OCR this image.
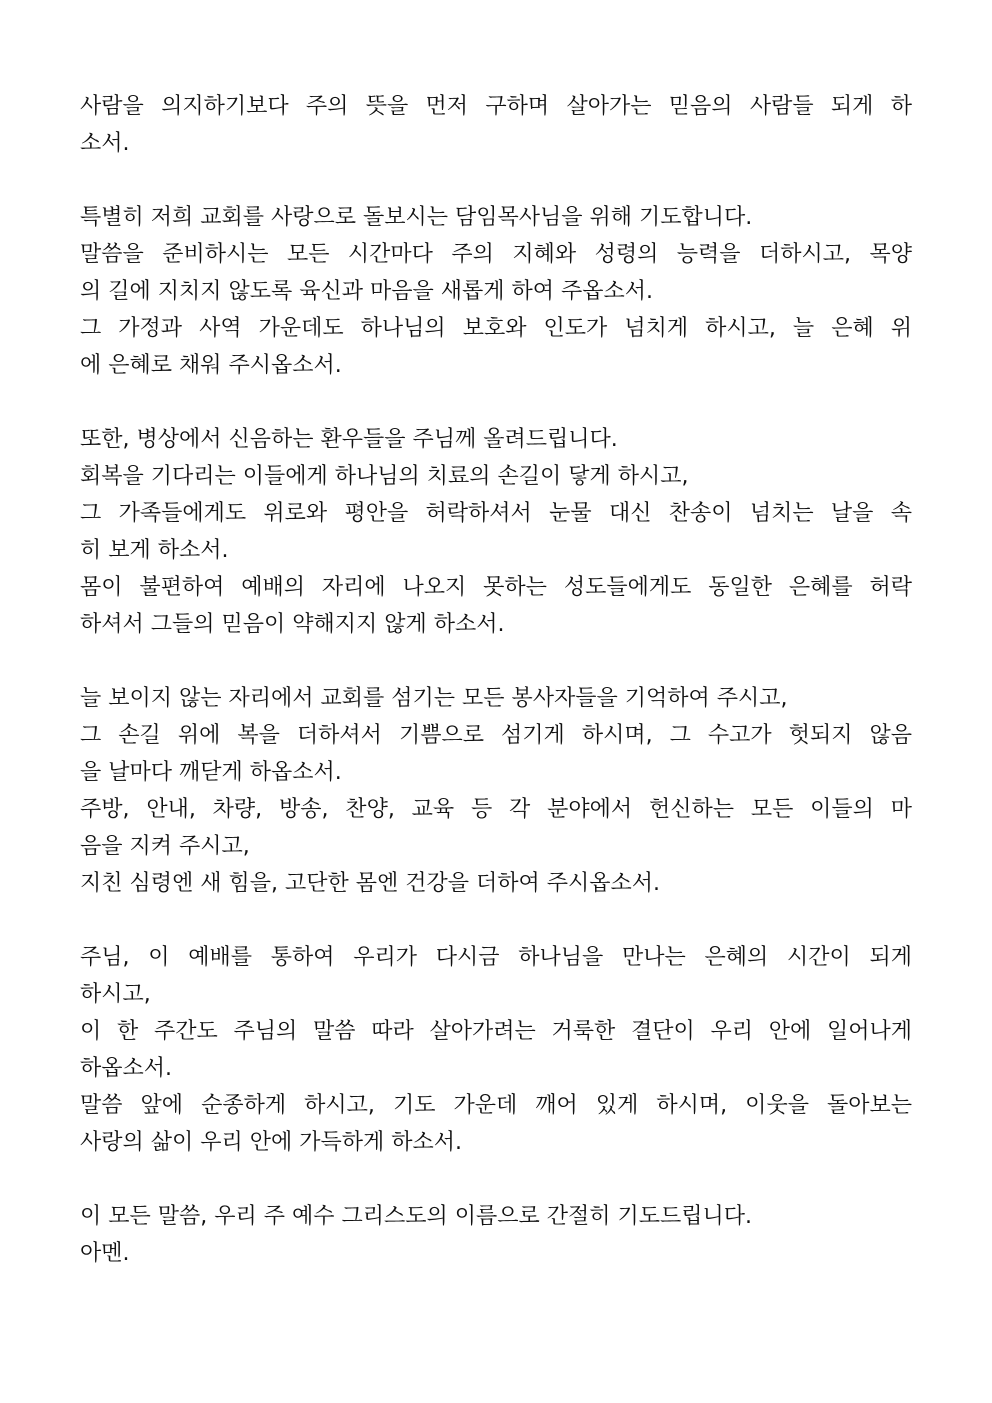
사람을 의지하기보다 주의 뜻을 먼저 구하며 살아가는 믿음의 사람들 되게 하
소서.
특별히 저희 교회를 사랑으로 돌보시는 담임목사님을 위해 기도합니다.
말씀을 준비하시는 모든 시간마다 주의 지혜와 성령의 능력을 더하시고, 목양
의 길에 지치지 않도록 육신과 마음을 새롭게 하여 주옵소서.
그 가정과 사역 가운데도 하나님의 보호와 인도가 넘치게 하시고, 늘 은혜 위
에 은혜로 채워 주시옵소서.
또한, 병상에서 신음하는 환우들을 주님께 올려드립니다.
회복을 기다리는 이들에게 하나님의 치료의 손길이 닿게 하시고,
그 가족들에게도 위로와 평안을 허락하셔서 눈물 대신 찬송이 넘치는 날을 속
히 보게 하소서.
몸이 불편하여 예배의 자리에 나오지 못하는 성도들에게도 동일한 은혜를 허락
하셔서 그들의 믿음이 약해지지 않게 하소서.
늘 보이지 않는 자리에서 교회를 섬기는 모든 봉사자들을 기억하여 주시고,
그 손길 위에 복을 더하셔서 기쁨으로 섬기게 하시며, 그 수고가 헛되지 않음
을 날마다 깨닫게 하옵소서.
주방, 안내, 차량, 방송, 찬양, 교육 등 각 분야에서 헌신하는 모든 이들의 마
음을 지켜 주시고,
지친 심령엔 새 힘을, 고단한 몸엔 건강을 더하여 주시옵소서.
주님, 이 예배를 통하여 우리가 다시금 하나님을 만나는 은혜의 시간이 되게
하시고,
이 한 주간도 주님의 말씀 따라 살아가려는 거룩한 결단이 우리 안에 일어나게
하옵소서.
말씀 앞에 순종하게 하시고, 기도 가운데 깨어 있게 하시며, 이웃을 돌아보는
사랑의 삶이 우리 안에 가득하게 하소서.
이 모든 말씀, 우리 주 예수 그리스도의 이름으로 간절히 기도드립니다.
아멘.
